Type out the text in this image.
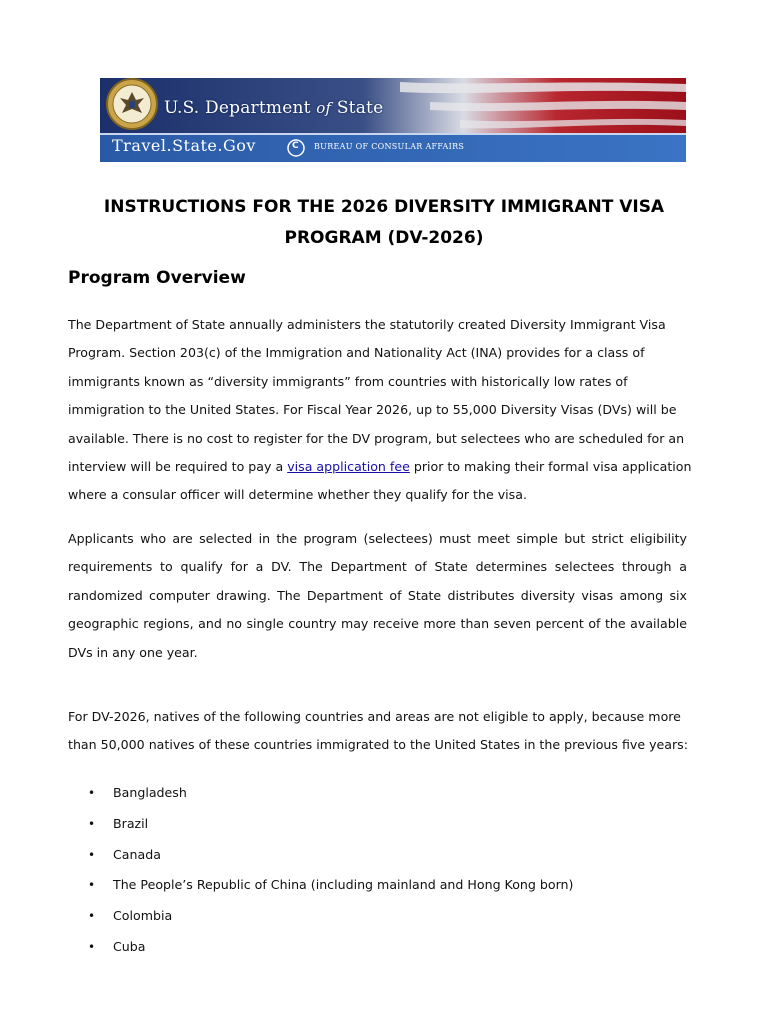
U.S. Department of State
Travel.State.Gov	C BUREAU OF CONSULAR AFFAIRS
INSTRUCTIONS FOR THE 2026 DIVERSITY IMMIGRANT VISA PROGRAM (DV-2026)
Program Overview

The Department of State annually administers the statutorily created Diversity Immigrant Visa Program. Section 203(c) of the Immigration and Nationality Act (INA) provides for a class of immigrants known as “diversity immigrants” from countries with historically low rates of immigration to the United States. For Fiscal Year 2026, up to 55,000 Diversity Visas (DVs) will be available. There is no cost to register for the DV program, but selectees who are scheduled for an interview will be required to pay a visa application fee prior to making their formal visa application where a consular officer will determine whether they qualify for the visa.

Applicants who are selected in the program (selectees) must meet simple but strict eligibility requirements to qualify for a DV. The Department of State determines selectees through a randomized computer drawing. The Department of State distributes diversity visas among six geographic regions, and no single country may receive more than seven percent of the available DVs in any one year.

For DV-2026, natives of the following countries and areas are not eligible to apply, because more than 50,000 natives of these countries immigrated to the United States in the previous five years:

• Bangladesh
• Brazil
• Canada
• The People’s Republic of China (including mainland and Hong Kong born)
• Colombia
• Cuba
